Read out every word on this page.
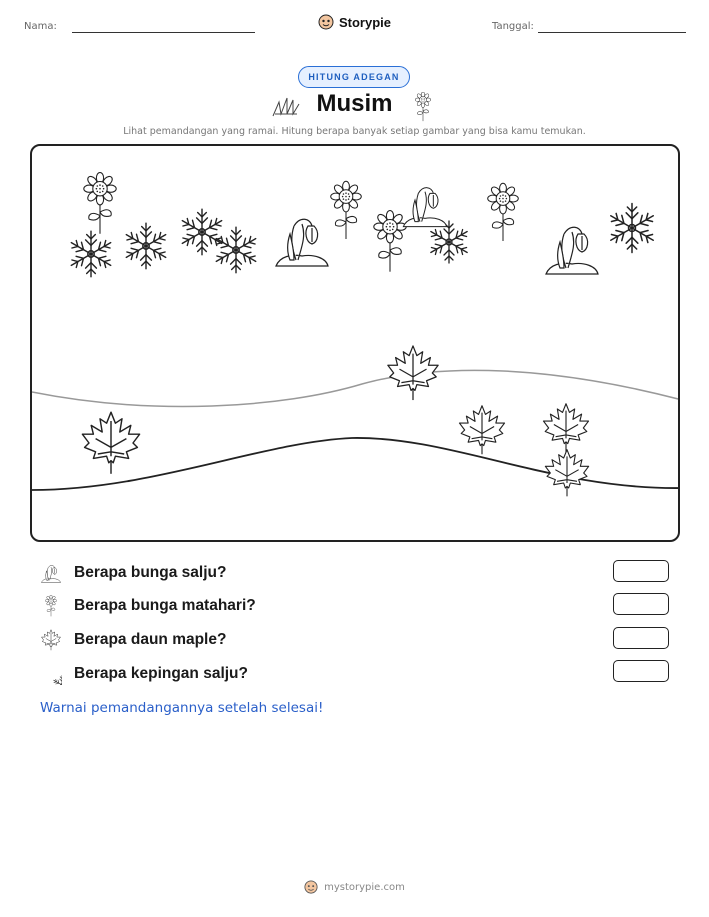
Nama:	Storypie	Tanggal:
HITUNG ADEGAN
Musim
Lihat pemandangan yang ramai. Hitung berapa banyak setiap gambar yang bisa kamu temukan.
Berapa bunga salju?
Berapa bunga matahari?
Berapa daun maple?
Berapa kepingan salju?
Warnai pemandangannya setelah selesai!
mystorypie.com
